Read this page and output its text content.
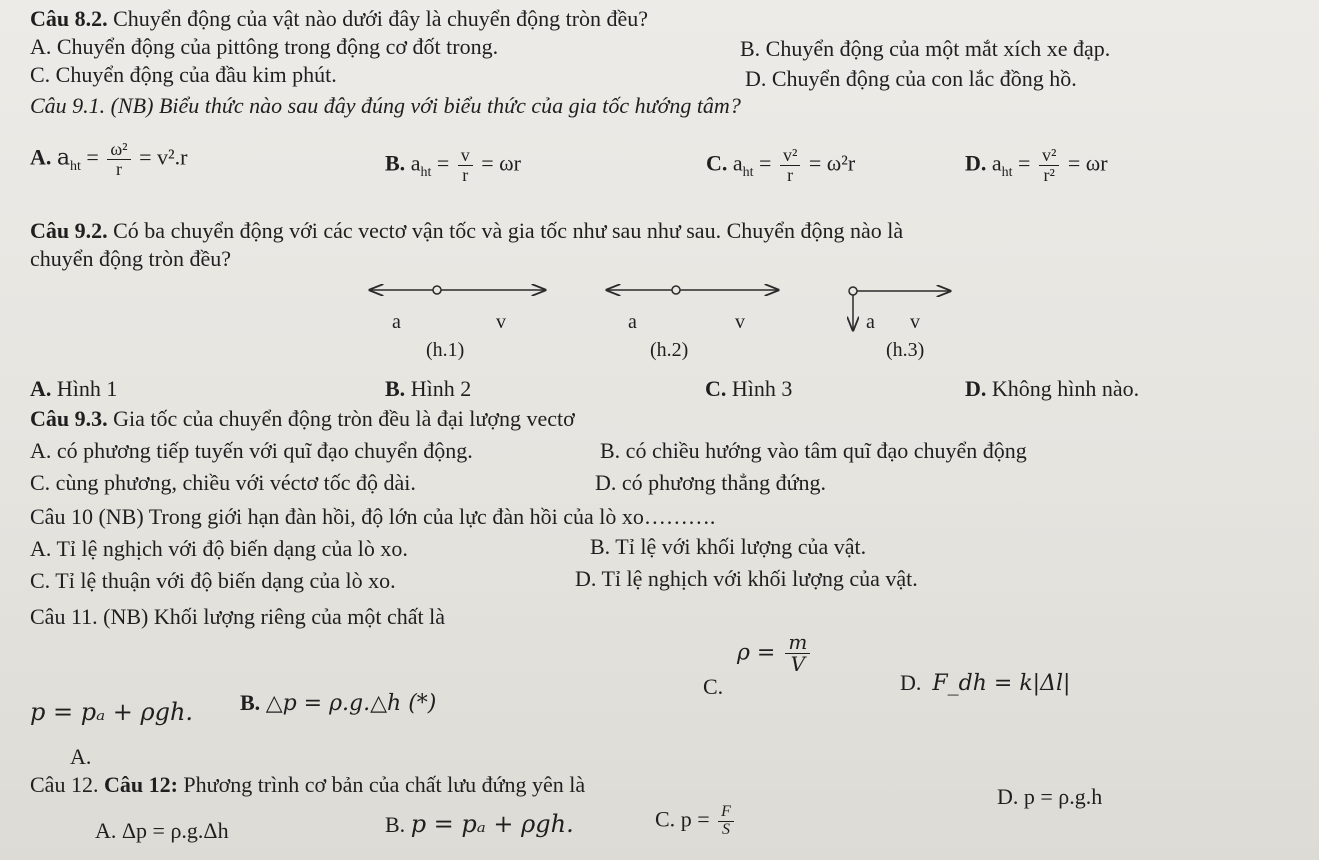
Câu 8.2. Chuyển động của vật nào dưới đây là chuyển động tròn đều?
A. Chuyển động của pittông trong động cơ đốt trong.	B. Chuyển động của một mắt xích xe đạp.
C. Chuyển động của đầu kim phút.	D. Chuyển động của con lắc đồng hồ.
Câu 9.1. (NB) Biểu thức nào sau đây đúng với biểu thức của gia tốc hướng tâm?
A. $a_{ht} = \frac{\text{ω²}}{r} = v^2.r$	B. $a_{ht} = \frac{v}{r} = \omega r$	C. $a_{ht} = \frac{\text{v²}}{r} = \omega^2r$	D. $a_{ht} = \frac{\text{v²}}{\text{r²}} = \omega r$
Câu 9.2. Có ba chuyển động với các vectơ vận tốc và gia tốc như sau như sau. Chuyển động nào là
chuyển động tròn đều?
a	v	a	v	a v
(h.1)	(h.2)	(h.3)
A. Hình 1	B. Hình 2	C. Hình 3	D. Không hình nào.
Câu 9.3. Gia tốc của chuyển động tròn đều là đại lượng vectơ
A. có phương tiếp tuyến với quĩ đạo chuyển động.	B. có chiều hướng vào tâm quĩ đạo chuyển động
C. cùng phương, chiều với véctơ tốc độ dài.	D. có phương thẳng đứng.
Câu 10 (NB) Trong giới hạn đàn hồi, độ lớn của lực đàn hồi của lò xo……….
A. Tỉ lệ nghịch với độ biến dạng của lò xo.	B. Tỉ lệ với khối lượng của vật.
C. Tỉ lệ thuận với độ biến dạng của lò xo.	D. Tỉ lệ nghịch với khối lượng của vật.
Câu 11. (NB) Khối lượng riêng của một chất là
p = pₐ + ρgh.
A.
B. △p = ρ.g.△h (*)
C.
$\rho = \frac{m}{V}$
D. F_dh = k|Δl|
Câu 12. Câu 12: Phương trình cơ bản của chất lưu đứng yên là
A. Δp = ρ.g.Δh	B. p = pₐ + ρgh.	C. $p = \frac{F}{S}$
D. p = ρ.g.h
